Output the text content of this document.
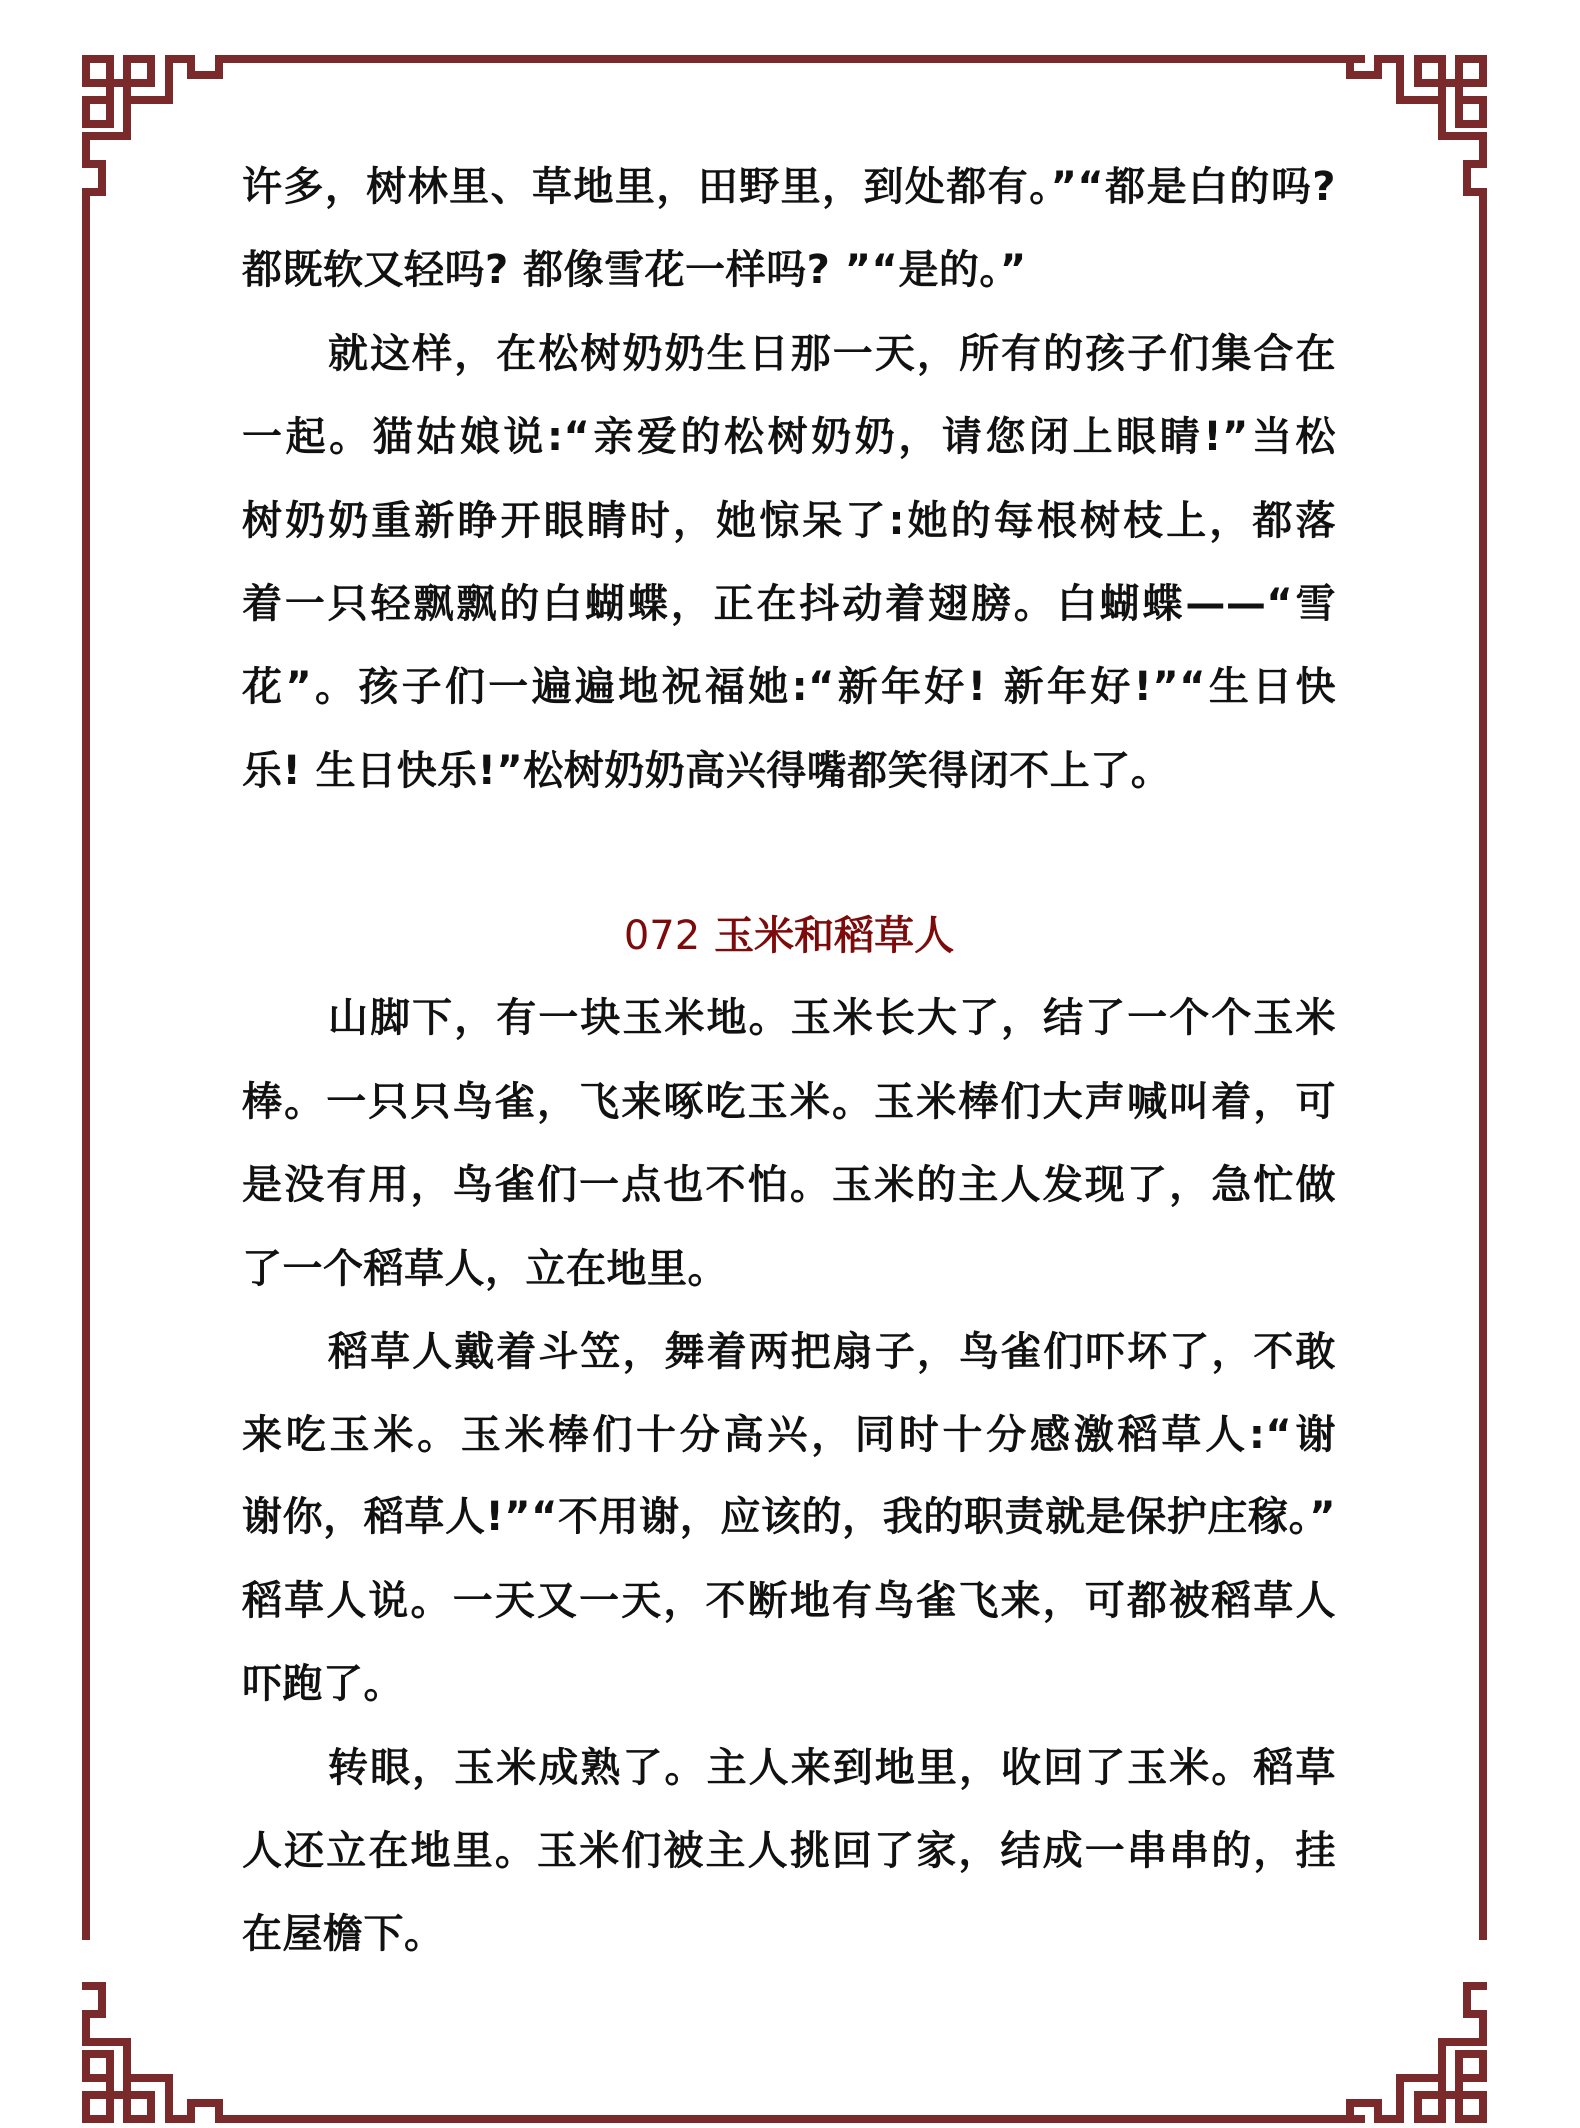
许多，树林里、草地里，田野里，到处都有。”“都是白的吗?
都既软又轻吗? 都像雪花一样吗? ”“是的。”
就这样，在松树奶奶生日那一天，所有的孩子们集合在
一起。猫姑娘说:“亲爱的松树奶奶，请您闭上眼睛!”当松
树奶奶重新睁开眼睛时，她惊呆了:她的每根树枝上，都落
着一只轻飘飘的白蝴蝶，正在抖动着翅膀。白蝴蝶——“雪
花”。孩子们一遍遍地祝福她:“新年好! 新年好!”“生日快
乐! 生日快乐!”松树奶奶高兴得嘴都笑得闭不上了。
072 玉米和稻草人
山脚下，有一块玉米地。玉米长大了，结了一个个玉米
棒。一只只鸟雀，飞来啄吃玉米。玉米棒们大声喊叫着，可
是没有用，鸟雀们一点也不怕。玉米的主人发现了，急忙做
了一个稻草人，立在地里。
稻草人戴着斗笠，舞着两把扇子，鸟雀们吓坏了，不敢
来吃玉米。玉米棒们十分高兴，同时十分感激稻草人:“谢
谢你，稻草人!”“不用谢，应该的，我的职责就是保护庄稼。”
稻草人说。一天又一天，不断地有鸟雀飞来，可都被稻草人
吓跑了。
转眼，玉米成熟了。主人来到地里，收回了玉米。稻草
人还立在地里。玉米们被主人挑回了家，结成一串串的，挂
在屋檐下。
